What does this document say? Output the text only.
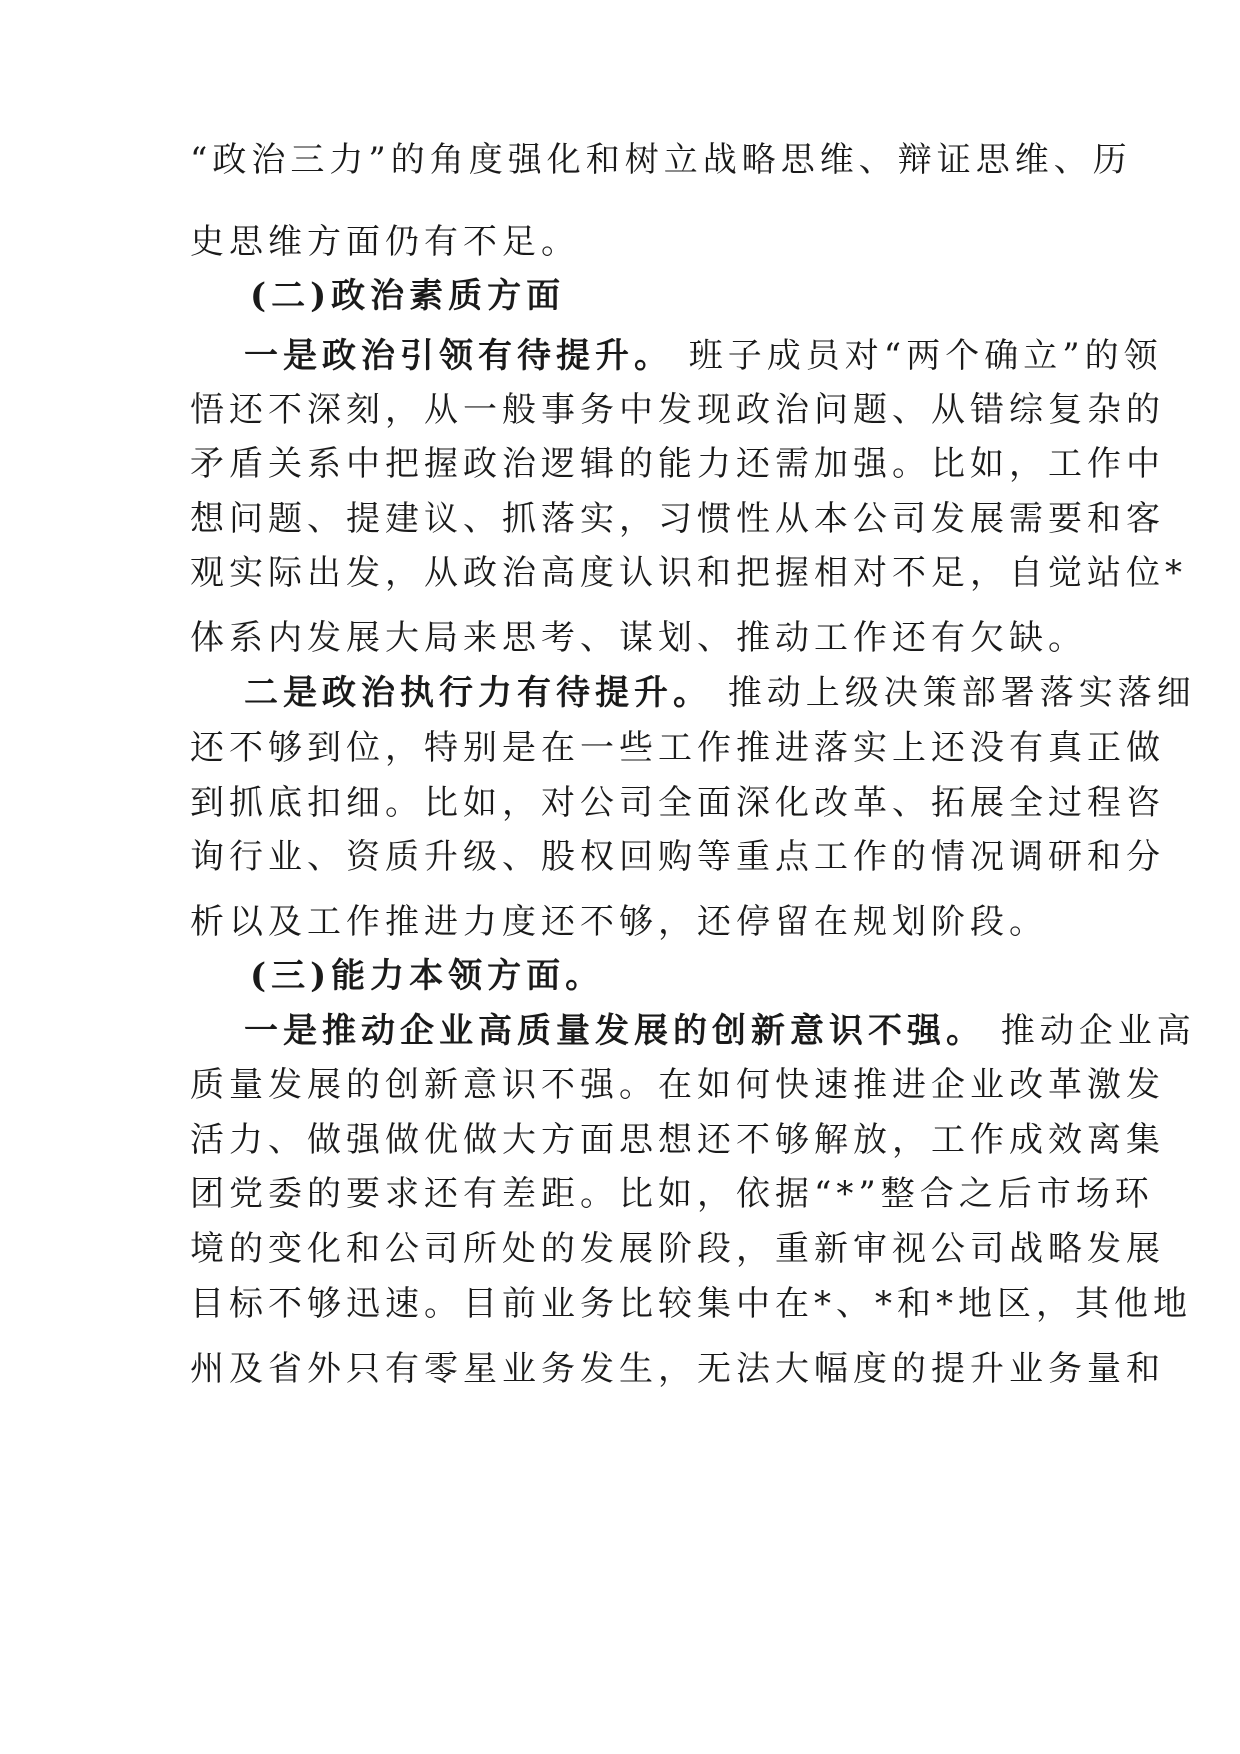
“政治三力”的角度强化和树立战略思维、辩证思维、历
史思维方面仍有不足。
(二)政治素质方面
一是政治引领有待提升。 班子成员对“两个确立”的领
悟还不深刻，从一般事务中发现政治问题、从错综复杂的
矛盾关系中把握政治逻辑的能力还需加强。比如，工作中
想问题、提建议、抓落实，习惯性从本公司发展需要和客
观实际出发，从政治高度认识和把握相对不足，自觉站位*
体系内发展大局来思考、谋划、推动工作还有欠缺。
二是政治执行力有待提升。 推动上级决策部署落实落细
还不够到位，特别是在一些工作推进落实上还没有真正做
到抓底扣细。比如，对公司全面深化改革、拓展全过程咨
询行业、资质升级、股权回购等重点工作的情况调研和分
析以及工作推进力度还不够，还停留在规划阶段。
(三)能力本领方面。
一是推动企业高质量发展的创新意识不强。 推动企业高
质量发展的创新意识不强。在如何快速推进企业改革激发
活力、做强做优做大方面思想还不够解放，工作成效离集
团党委的要求还有差距。比如，依据“*”整合之后市场环
境的变化和公司所处的发展阶段，重新审视公司战略发展
目标不够迅速。目前业务比较集中在*、*和*地区，其他地
州及省外只有零星业务发生，无法大幅度的提升业务量和
